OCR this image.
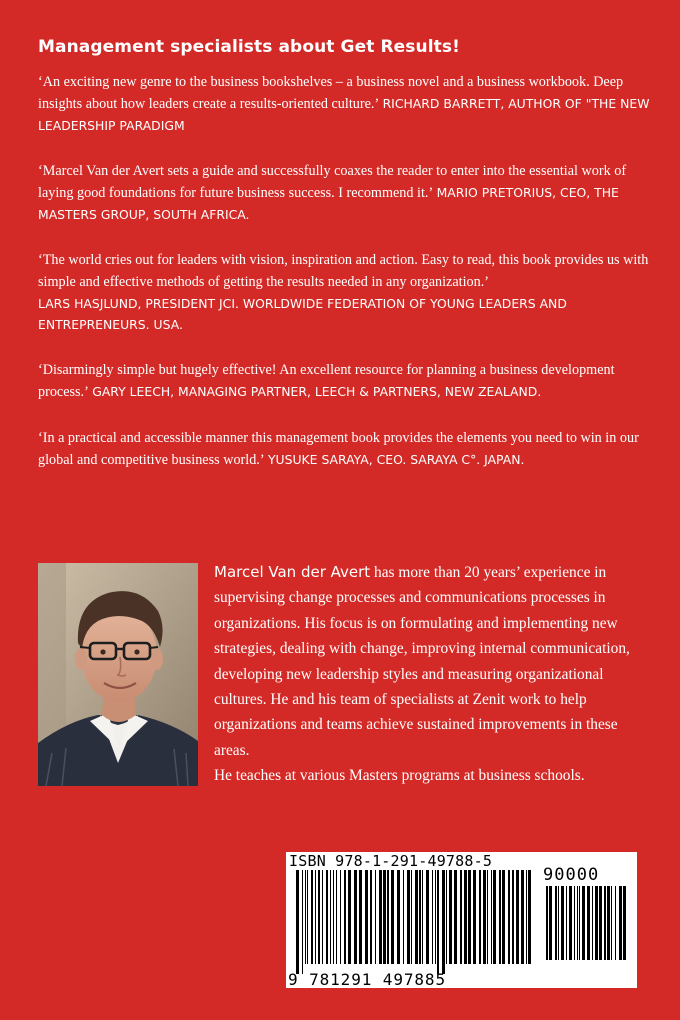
Management specialists about Get Results!

‘An exciting new genre to the business bookshelves – a business novel and a business workbook. Deep insights about how leaders create a results-oriented culture.’ RICHARD BARRETT, AUTHOR OF "THE NEW LEADERSHIP PARADIGM

‘Marcel Van der Avert sets a guide and successfully coaxes the reader to enter into the essential work of laying good foundations for future business success. I recommend it.’ MARIO PRETORIUS, CEO, THE MASTERS GROUP, SOUTH AFRICA.

‘The world cries out for leaders with vision, inspiration and action. Easy to read, this book provides us with simple and effective methods of getting the results needed in any organization.’
LARS HASJLUND, PRESIDENT JCI. WORLDWIDE FEDERATION OF YOUNG LEADERS AND ENTREPRENEURS. USA.

‘Disarmingly simple but hugely effective! An excellent resource for planning a business development process.’ GARY LEECH, MANAGING PARTNER, LEECH & PARTNERS, NEW ZEALAND.

‘In a practical and accessible manner this management book provides the elements you need to win in our global and competitive business world.’ YUSUKE SARAYA, CEO. SARAYA C°. JAPAN.

Marcel Van der Avert has more than 20 years’ experience in supervising change processes and communications processes in organizations. His focus is on formulating and implementing new strategies, dealing with change, improving internal communication, developing new leadership styles and measuring organizational cultures. He and his team of specialists at Zenit work to help organizations and teams achieve sustained improvements in these areas.
He teaches at various Masters programs at business schools.
ISBN 978-1-291-49788-5
90000
9 781291 497885
